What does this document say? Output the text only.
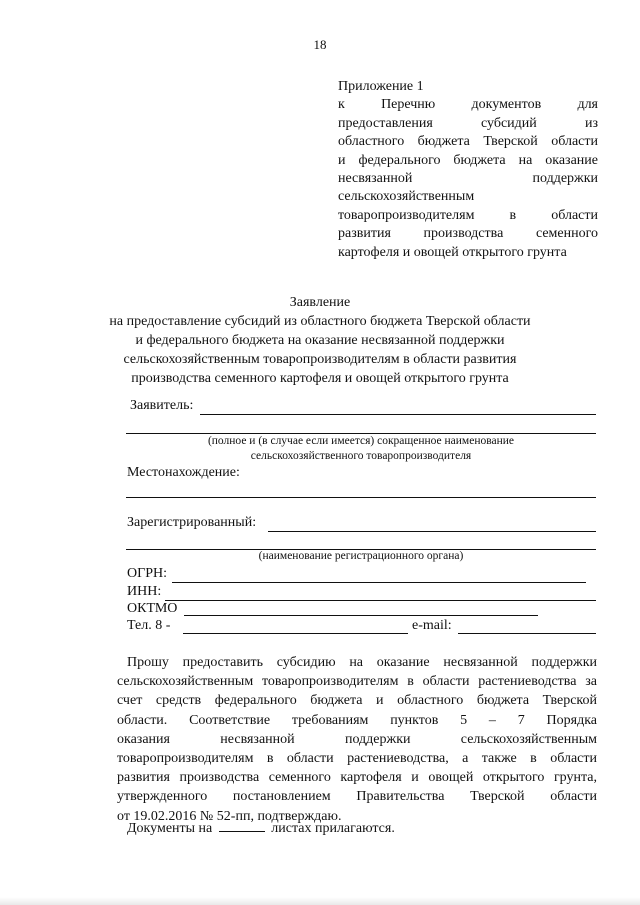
18
Приложение 1
к Перечню документов для
предоставления субсидий из
областного бюджета Тверской области
и федерального бюджета на оказание
несвязанной поддержки
сельскохозяйственным
товаропроизводителям в области
развития производства семенного
картофеля и овощей открытого грунта
Заявление
на предоставление субсидий из областного бюджета Тверской области
и федерального бюджета на оказание несвязанной поддержки
сельскохозяйственным товаропроизводителям в области развития
производства семенного картофеля и овощей открытого грунта
Заявитель:
(полное и (в случае если имеется) сокращенное наименование
сельскохозяйственного товаропроизводителя
Местонахождение:
Зарегистрированный:
(наименование регистрационного органа)
ОГРН:
ИНН:
ОКТМО
Тел. 8 -	e-mail:
Прошу предоставить субсидию на оказание несвязанной поддержки
сельскохозяйственным товаропроизводителям в области растениеводства за
счет средств федерального бюджета и областного бюджета Тверской
области. Соответствие требованиям пунктов 5 – 7 Порядка
оказания несвязанной поддержки сельскохозяйственным
товаропроизводителям в области растениеводства, а также в области
развития производства семенного картофеля и овощей открытого грунта,
утвержденного постановлением Правительства Тверской области
от 19.02.2016 № 52-пп, подтверждаю.
Документы на	листах прилагаются.
